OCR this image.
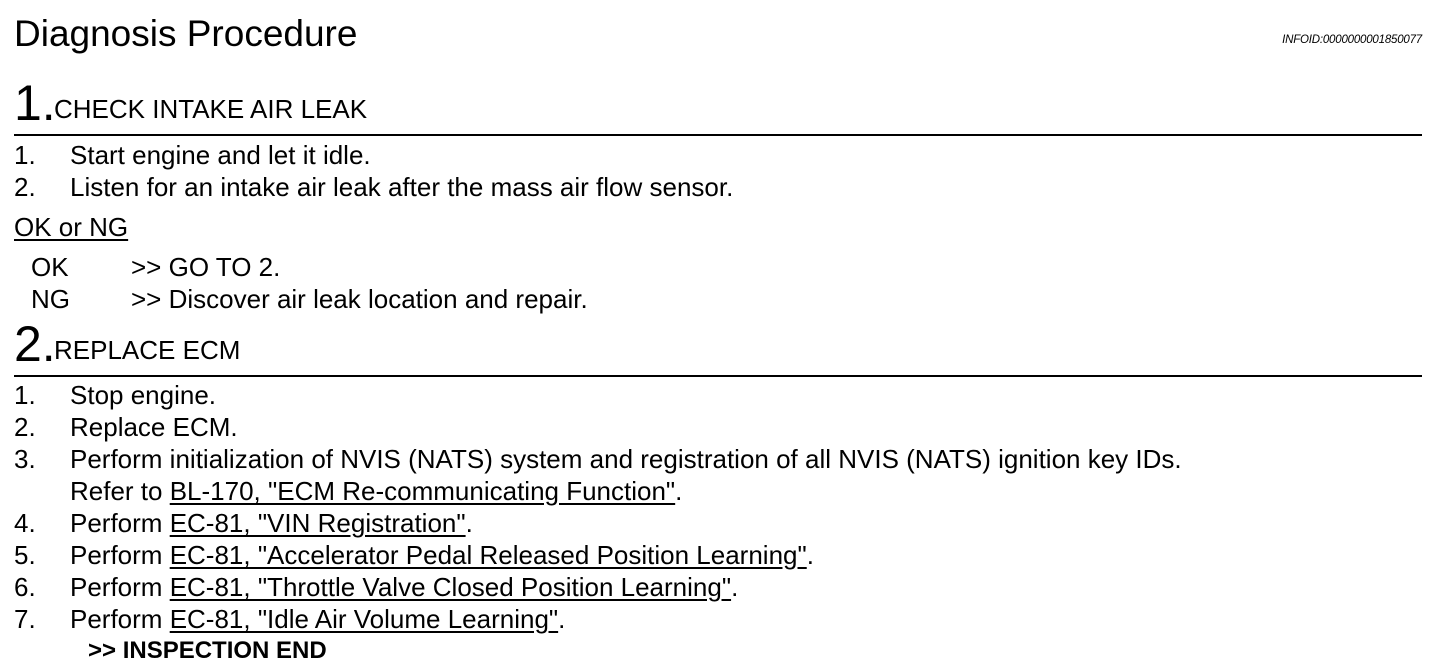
Diagnosis Procedure	INFOID:0000000001850077
1.
CHECK INTAKE AIR LEAK
1. Start engine and let it idle.
2. Listen for an intake air leak after the mass air flow sensor.
OK or NG
OK >> GO TO 2.
NG >> Discover air leak location and repair.
2.
REPLACE ECM
1. Stop engine.
2. Replace ECM.
3. Perform initialization of NVIS (NATS) system and registration of all NVIS (NATS) ignition key IDs.
Refer to BL-170, "ECM Re-communicating Function".
4. Perform EC-81, "VIN Registration".
5. Perform EC-81, "Accelerator Pedal Released Position Learning".
6. Perform EC-81, "Throttle Valve Closed Position Learning".
7. Perform EC-81, "Idle Air Volume Learning".
>> INSPECTION END
